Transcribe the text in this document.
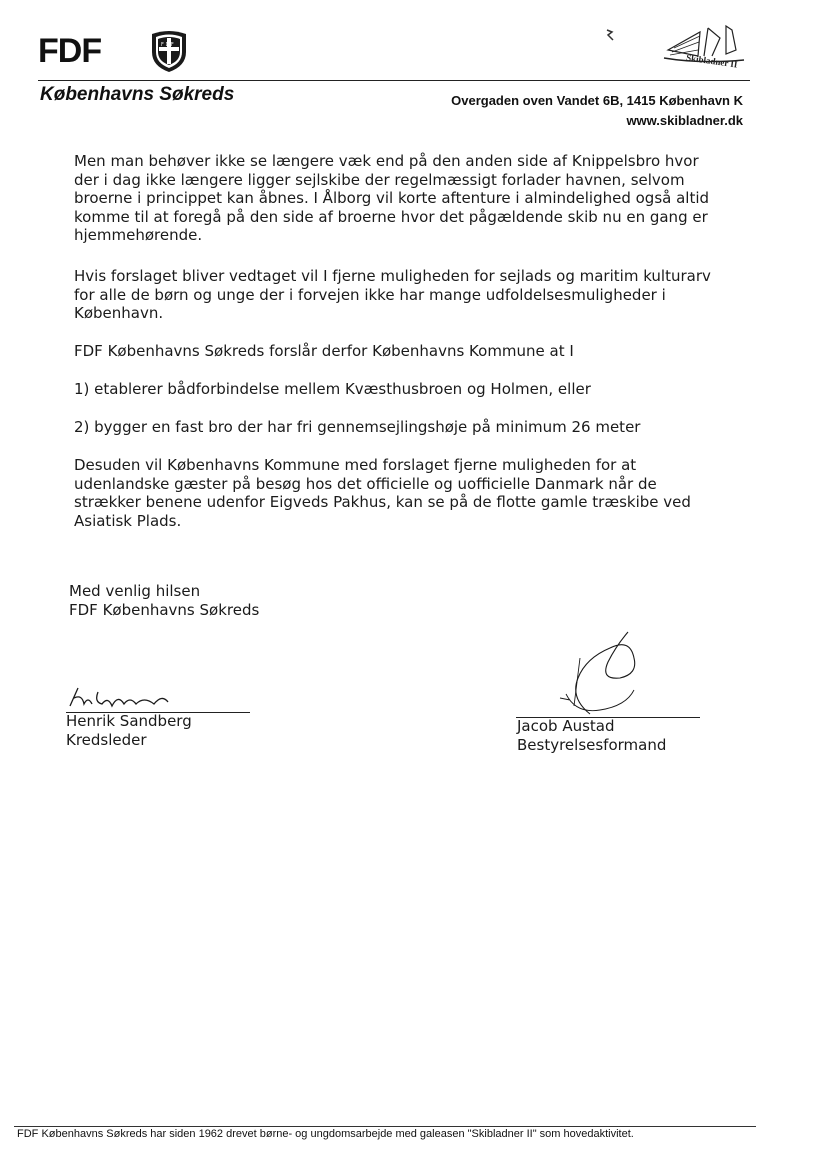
FDF	F D F
Skibladner II
Københavns Søkreds	Overgaden oven Vandet 6B, 1415 København K
www.skibladner.dk
Men man behøver ikke se længere væk end på den anden side af Knippelsbro hvor der i dag ikke længere ligger sejlskibe der regelmæssigt forlader havnen, selvom broerne i princippet kan åbnes. I Ålborg vil korte aftenture i almindelighed også altid komme til at foregå på den side af broerne hvor det pågældende skib nu en gang er hjemmehørende.
Hvis forslaget bliver vedtaget vil I fjerne muligheden for sejlads og maritim kulturarv for alle de børn og unge der i forvejen ikke har mange udfoldelsesmuligheder i København.
FDF Københavns Søkreds forslår derfor Københavns Kommune at I
1) etablerer bådforbindelse mellem Kvæsthusbroen og Holmen, eller
2) bygger en fast bro der har fri gennemsejlingshøje på minimum 26 meter
Desuden vil Københavns Kommune med forslaget fjerne muligheden for at udenlandske gæster på besøg hos det officielle og uofficielle Danmark når de strækker benene udenfor Eigveds Pakhus, kan se på de flotte gamle træskibe ved Asiatisk Plads.
Med venlig hilsen
FDF Københavns Søkreds
Henrik Sandberg
Kredsleder
Jacob Austad
Bestyrelsesformand
FDF Københavns Søkreds har siden 1962 drevet børne- og ungdomsarbejde med galeasen "Skibladner II" som hovedaktivitet.
